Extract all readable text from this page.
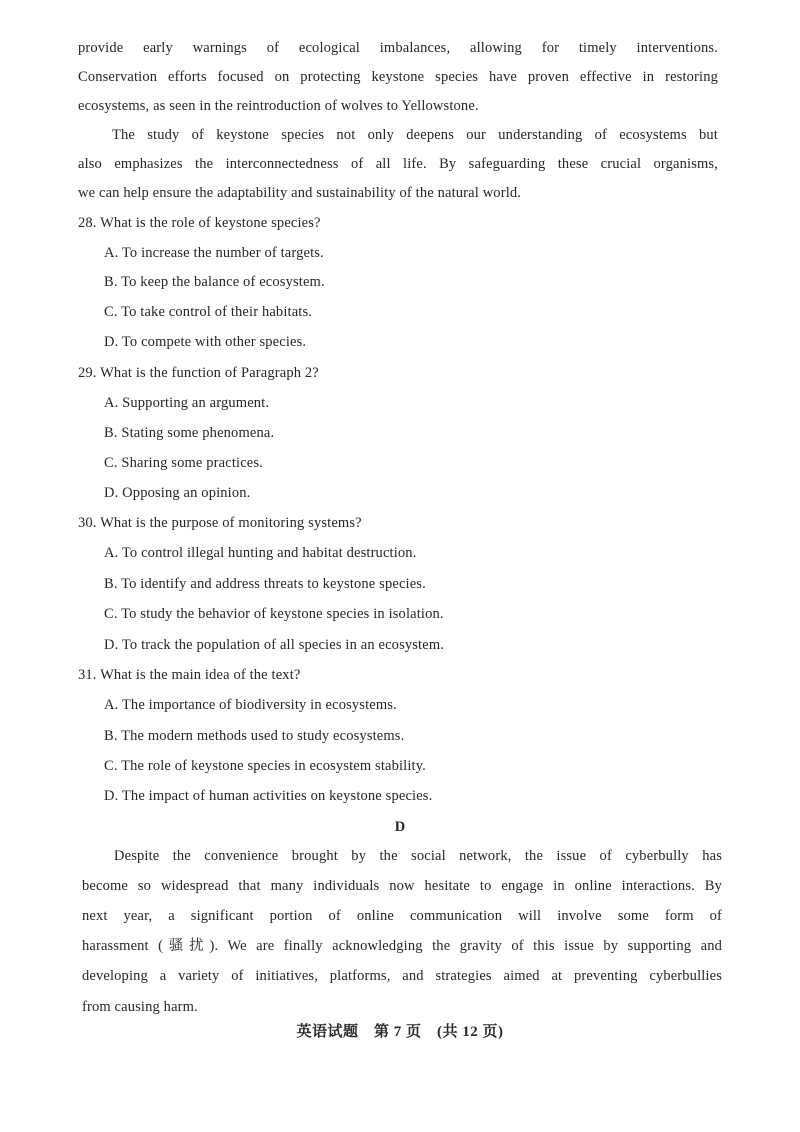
provide early warnings of ecological imbalances, allowing for timely interventions.
Conservation efforts focused on protecting keystone species have proven effective in restoring
ecosystems, as seen in the reintroduction of wolves to Yellowstone.
The study of keystone species not only deepens our understanding of ecosystems but
also emphasizes the interconnectedness of all life. By safeguarding these crucial organisms,
we can help ensure the adaptability and sustainability of the natural world.
28. What is the role of keystone species?
A. To increase the number of targets.
B. To keep the balance of ecosystem.
C. To take control of their habitats.
D. To compete with other species.
29. What is the function of Paragraph 2?
A. Supporting an argument.
B. Stating some phenomena.
C. Sharing some practices.
D. Opposing an opinion.
30. What is the purpose of monitoring systems?
A. To control illegal hunting and habitat destruction.
B. To identify and address threats to keystone species.
C. To study the behavior of keystone species in isolation.
D. To track the population of all species in an ecosystem.
31. What is the main idea of the text?
A. The importance of biodiversity in ecosystems.
B. The modern methods used to study ecosystems.
C. The role of keystone species in ecosystem stability.
D. The impact of human activities on keystone species.
D
Despite the convenience brought by the social network, the issue of cyberbully has
become so widespread that many individuals now hesitate to engage in online interactions. By
next year, a significant portion of online communication will involve some form of
harassment (骚扰). We are finally acknowledging the gravity of this issue by supporting and
developing a variety of initiatives, platforms, and strategies aimed at preventing cyberbullies
from causing harm.
英语试题　第 7 页　(共 12 页)
